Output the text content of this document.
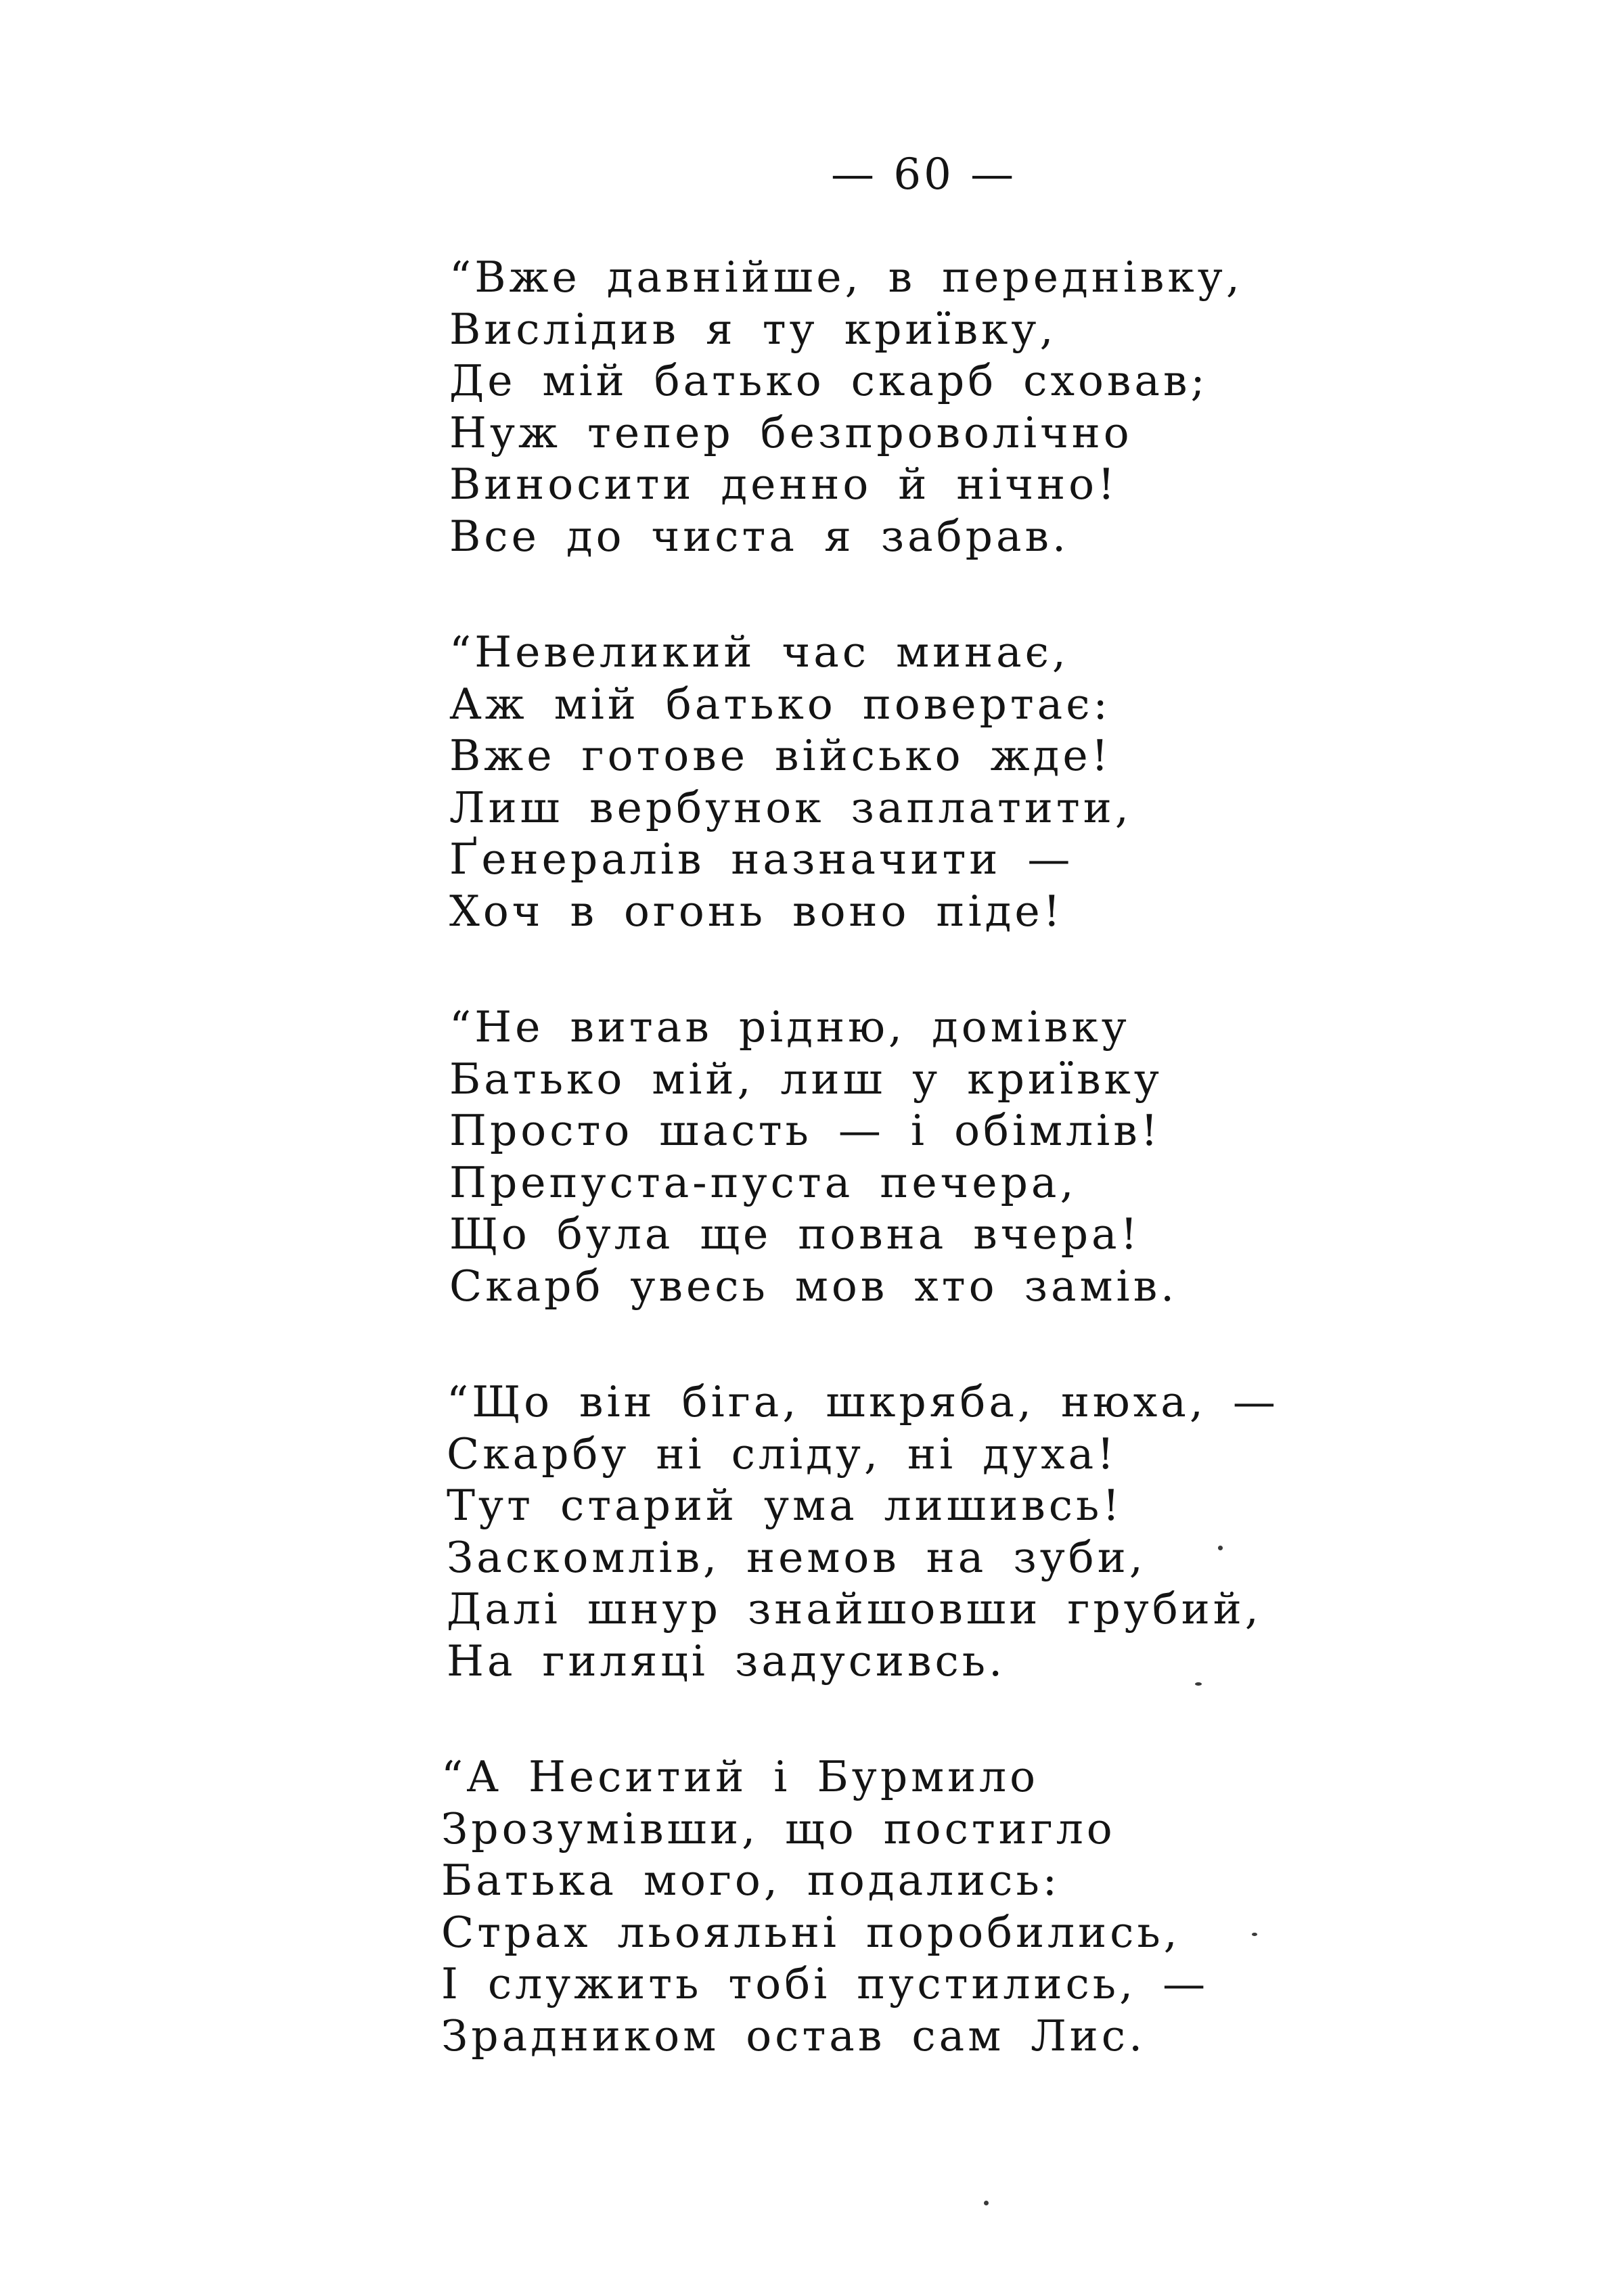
— 60 —
“Вже давнійше, в переднівку,
Вислідив я ту криївку,
Де мій батько скарб сховав;
Нуж тепер безпроволічно
Виносити денно й нічно!
Все до чиста я забрав.
“Невеликий час минає,
Аж мій батько повертає:
Вже готове військо жде!
Лиш вербунок заплатити,
Ґенералів назначити —
Хоч в огонь воно піде!
“Не витав рідню, домівку
Батько мій, лиш у криївку
Просто шасть — і обімлів!
Препуста-пуста печера,
Що була ще повна вчера!
Скарб увесь мов хто замів.
“Що він біга, шкряба, нюха, —
Скарбу ні сліду, ні духа!
Тут старий ума лишивсь!
Заскомлів, немов на зуби,
Далі шнур знайшовши грубий,
На гиляці задусивсь.
“А Неситий і Бурмило
Зрозумівши, що постигло
Батька мого, подались:
Страх льояльні поробились,
І служить тобі пустились, —
Зрадником остав сам Лис.
